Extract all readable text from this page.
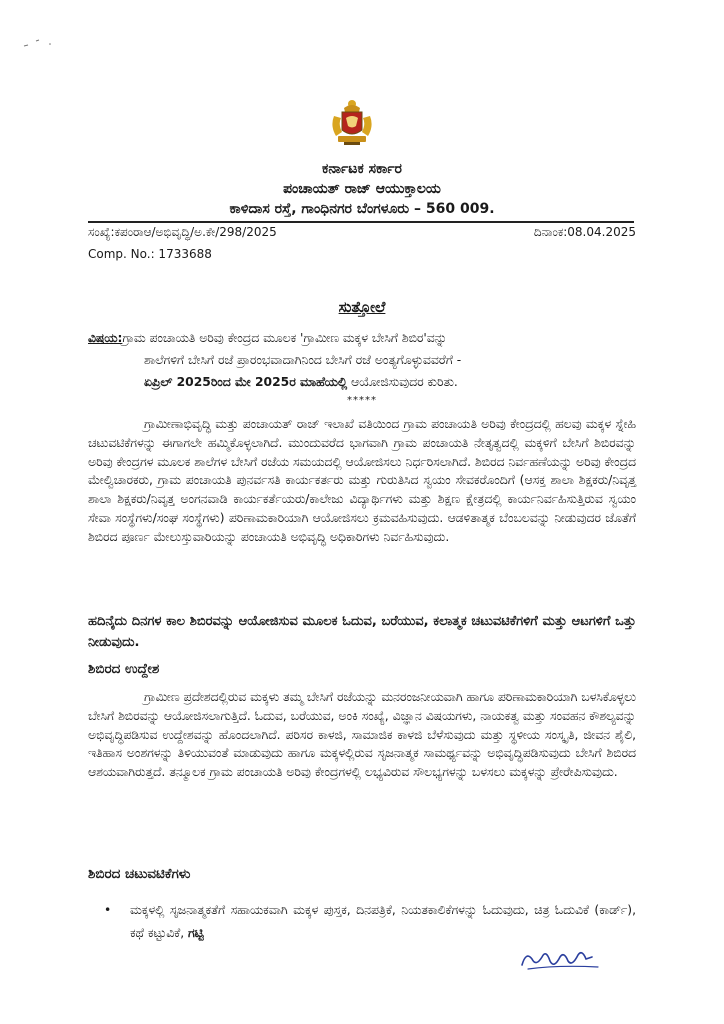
ಕರ್ನಾಟಕ ಸರ್ಕಾರ
ಪಂಚಾಯತ್ ರಾಜ್ ಆಯುಕ್ತಾಲಯ
ಕಾಳಿದಾಸ ರಸ್ತೆ, ಗಾಂಧಿನಗರ ಬೆಂಗಳೂರು – 560 009.
ಸಂಖ್ಯೆ:ಕಪಂರಾಆ/ಅಭಿವೃದ್ಧಿ/ಅ.ಕೇ/298/2025	ದಿನಾಂಕ:08.04.2025
Comp. No.: 1733688
ಸುತ್ತೋಲೆ
ವಿಷಯ:ಗ್ರಾಮ ಪಂಚಾಯತಿ ಅರಿವು ಕೇಂದ್ರದ ಮೂಲಕ 'ಗ್ರಾಮೀಣ ಮಕ್ಕಳ ಬೇಸಿಗೆ ಶಿಬಿರ'ವನ್ನು
ಶಾಲೆಗಳಿಗೆ ಬೇಸಿಗೆ ರಜೆ ಪ್ರಾರಂಭವಾದಾಗಿನಿಂದ ಬೇಸಿಗೆ ರಜೆ ಅಂತ್ಯಗೊಳ್ಳುವವರೆಗೆ -
ಏಪ್ರಿಲ್ 2025ರಿಂದ ಮೇ 2025ರ ಮಾಹೆಯಲ್ಲಿ ಆಯೋಜಿಸುವುದರ ಕುರಿತು.
*****
ಗ್ರಾಮೀಣಾಭಿವೃದ್ಧಿ ಮತ್ತು ಪಂಚಾಯತ್ ರಾಜ್ ಇಲಾಖೆ ವತಿಯಿಂದ ಗ್ರಾಮ ಪಂಚಾಯತಿ ಅರಿವು ಕೇಂದ್ರದಲ್ಲಿ ಹಲವು ಮಕ್ಕಳ ಸ್ನೇಹಿ ಚಟುವಟಿಕೆಗಳನ್ನು ಈಗಾಗಲೇ ಹಮ್ಮಿಕೊಳ್ಳಲಾಗಿದೆ. ಮುಂದುವರೆದ ಭಾಗವಾಗಿ ಗ್ರಾಮ ಪಂಚಾಯತಿ ನೇತೃತ್ವದಲ್ಲಿ ಮಕ್ಕಳಿಗೆ ಬೇಸಿಗೆ ಶಿಬಿರವನ್ನು ಅರಿವು ಕೇಂದ್ರಗಳ ಮೂಲಕ ಶಾಲೆಗಳ ಬೇಸಿಗೆ ರಜೆಯ ಸಮಯದಲ್ಲಿ ಆಯೋಜಿಸಲು ನಿರ್ಧರಿಸಲಾಗಿದೆ. ಶಿಬಿರದ ನಿರ್ವಹಣೆಯನ್ನು ಅರಿವು ಕೇಂದ್ರದ ಮೇಲ್ವಿಚಾರಕರು, ಗ್ರಾಮ ಪಂಚಾಯತಿ ಪುನರ್ವಸತಿ ಕಾರ್ಯಕರ್ತರು ಮತ್ತು ಗುರುತಿಸಿದ ಸ್ವಯಂ ಸೇವಕರೊಂದಿಗೆ (ಆಸಕ್ತ ಶಾಲಾ ಶಿಕ್ಷಕರು/ನಿವೃತ್ತ ಶಾಲಾ ಶಿಕ್ಷಕರು/ನಿವೃತ್ತ ಅಂಗನವಾಡಿ ಕಾರ್ಯಕರ್ತೆಯರು/ಕಾಲೇಜು ವಿದ್ಯಾರ್ಥಿಗಳು ಮತ್ತು ಶಿಕ್ಷಣ ಕ್ಷೇತ್ರದಲ್ಲಿ ಕಾರ್ಯನಿರ್ವಹಿಸುತ್ತಿರುವ ಸ್ವಯಂ ಸೇವಾ ಸಂಸ್ಥೆಗಳು/ಸಂಘ ಸಂಸ್ಥೆಗಳು) ಪರಿಣಾಮಕಾರಿಯಾಗಿ ಆಯೋಜಿಸಲು ಕ್ರಮವಹಿಸುವುದು. ಆಡಳಿತಾತ್ಮಕ ಬೆಂಬಲವನ್ನು ನೀಡುವುದರ ಜೊತೆಗೆ ಶಿಬಿರದ ಪೂರ್ಣ ಮೇಲುಸ್ತುವಾರಿಯನ್ನು ಪಂಚಾಯತಿ ಅಭಿವೃದ್ಧಿ ಅಧಿಕಾರಿಗಳು ನಿರ್ವಹಿಸುವುದು.
ಹದಿನೈದು ದಿನಗಳ ಕಾಲ ಶಿಬಿರವನ್ನು ಆಯೋಜಿಸುವ ಮೂಲಕ ಓದುವ, ಬರೆಯುವ, ಕಲಾತ್ಮಕ ಚಟುವಟಿಕೆಗಳಿಗೆ ಮತ್ತು ಆಟಗಳಿಗೆ ಒತ್ತು ನೀಡುವುದು.
ಶಿಬಿರದ ಉದ್ದೇಶ
ಗ್ರಾಮೀಣ ಪ್ರದೇಶದಲ್ಲಿರುವ ಮಕ್ಕಳು ತಮ್ಮ ಬೇಸಿಗೆ ರಜೆಯನ್ನು ಮನರಂಜನೀಯವಾಗಿ ಹಾಗೂ ಪರಿಣಾಮಕಾರಿಯಾಗಿ ಬಳಸಿಕೊಳ್ಳಲು ಬೇಸಿಗೆ ಶಿಬಿರವನ್ನು ಆಯೋಜಿಸಲಾಗುತ್ತಿದೆ. ಓದುವ, ಬರೆಯುವ, ಅಂಕಿ ಸಂಖ್ಯೆ, ವಿಜ್ಞಾನ ವಿಷಯಗಳು, ನಾಯಕತ್ವ ಮತ್ತು ಸಂವಹನ ಕೌಶಲ್ಯವನ್ನು ಅಭಿವೃದ್ಧಿಪಡಿಸುವ ಉದ್ದೇಶವನ್ನು ಹೊಂದಲಾಗಿದೆ. ಪರಿಸರ ಕಾಳಜಿ, ಸಾಮಾಜಿಕ ಕಾಳಜಿ ಬೆಳೆಸುವುದು ಮತ್ತು ಸ್ಥಳೀಯ ಸಂಸ್ಕೃತಿ, ಜೀವನ ಶೈಲಿ, ಇತಿಹಾಸ ಅಂಶಗಳನ್ನು ತಿಳಿಯುವಂತೆ ಮಾಡುವುದು ಹಾಗೂ ಮಕ್ಕಳಲ್ಲಿರುವ ಸೃಜನಾತ್ಮಕ ಸಾಮರ್ಥ್ಯವನ್ನು ಅಭಿವೃದ್ಧಿಪಡಿಸುವುದು ಬೇಸಿಗೆ ಶಿಬಿರದ ಆಶಯವಾಗಿರುತ್ತದೆ. ತನ್ಮೂಲಕ ಗ್ರಾಮ ಪಂಚಾಯತಿ ಅರಿವು ಕೇಂದ್ರಗಳಲ್ಲಿ ಲಭ್ಯವಿರುವ ಸೌಲಭ್ಯಗಳನ್ನು ಬಳಸಲು ಮಕ್ಕಳನ್ನು ಪ್ರೇರೇಪಿಸುವುದು.
ಶಿಬಿರದ ಚಟುವಟಿಕೆಗಳು
•	ಮಕ್ಕಳಲ್ಲಿ ಸೃಜನಾತ್ಮಕತೆಗೆ ಸಹಾಯಕವಾಗಿ ಮಕ್ಕಳ ಪುಸ್ತಕ, ದಿನಪತ್ರಿಕೆ, ನಿಯತಕಾಲಿಕೆಗಳನ್ನು ಓದುವುದು, ಚಿತ್ರ ಓದುವಿಕೆ (ಕಾರ್ಡ್), ಕಥೆ ಕಟ್ಟುವಿಕೆ, ಗಟ್ಟಿ
